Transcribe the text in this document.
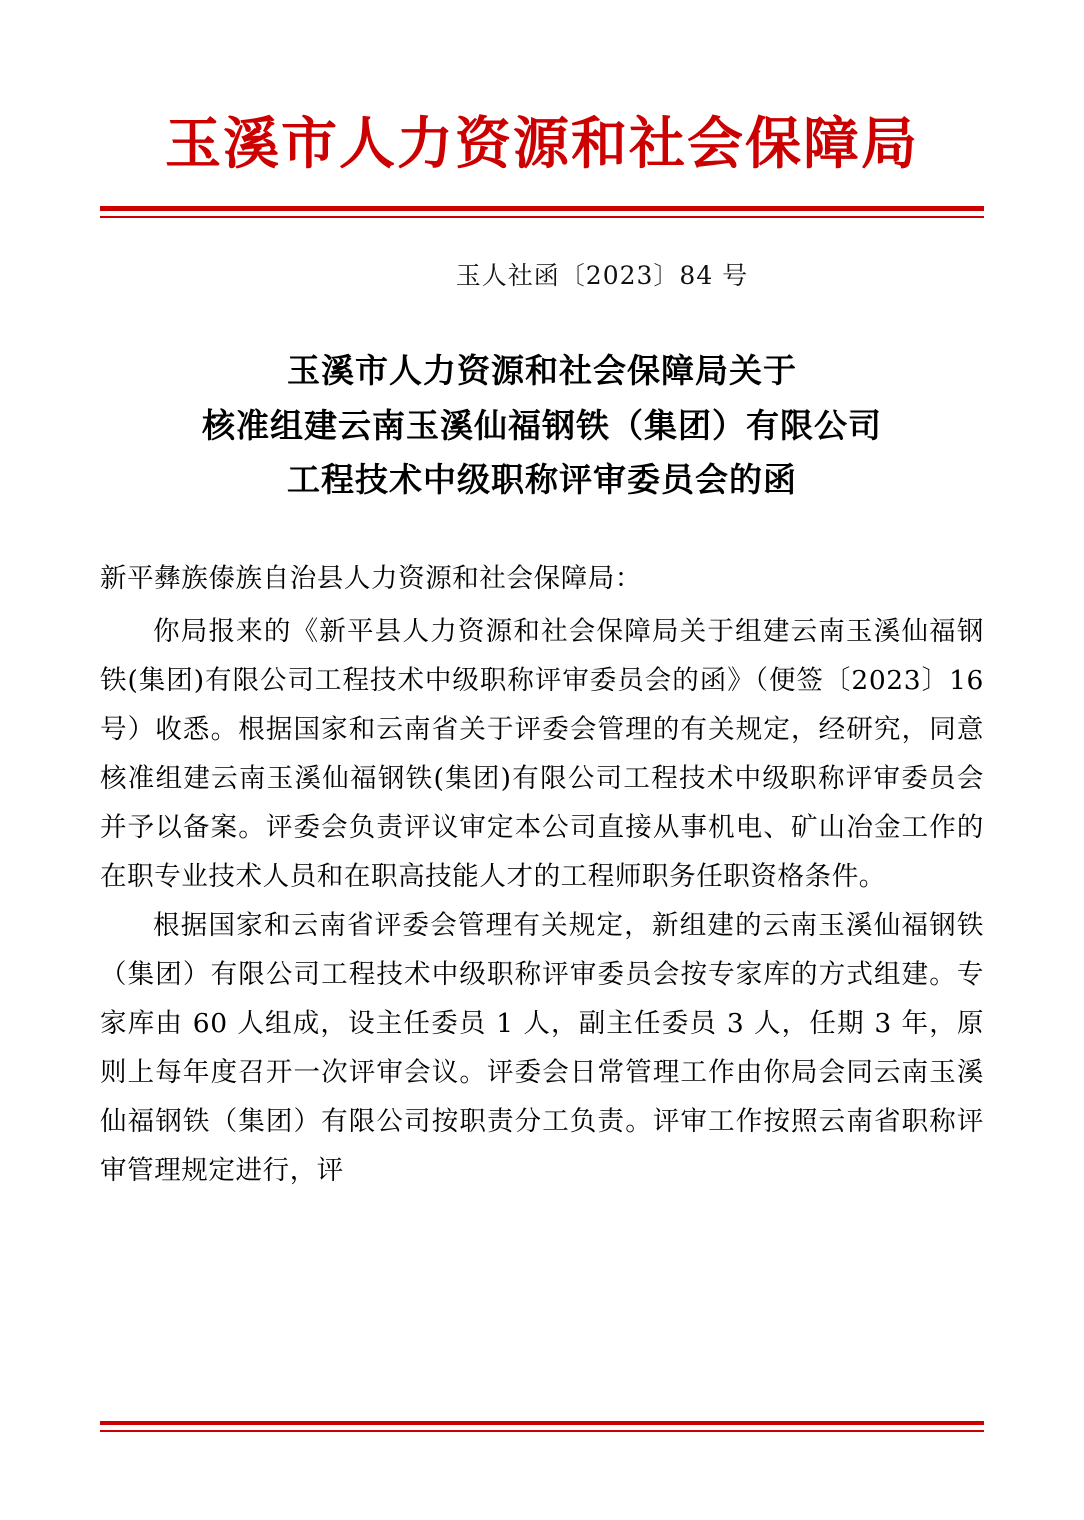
玉溪市人力资源和社会保障局
玉人社函〔2023〕84 号
玉溪市人力资源和社会保障局关于
核准组建云南玉溪仙福钢铁（集团）有限公司
工程技术中级职称评审委员会的函

新平彝族傣族自治县人力资源和社会保障局：

你局报来的《新平县人力资源和社会保障局关于组建云南玉溪仙福钢铁(集团)有限公司工程技术中级职称评审委员会的函》（便签〔2023〕16 号）收悉。根据国家和云南省关于评委会管理的有关规定，经研究，同意核准组建云南玉溪仙福钢铁(集团)有限公司工程技术中级职称评审委员会并予以备案。评委会负责评议审定本公司直接从事机电、矿山冶金工作的在职专业技术人员和在职高技能人才的工程师职务任职资格条件。

根据国家和云南省评委会管理有关规定，新组建的云南玉溪仙福钢铁（集团）有限公司工程技术中级职称评审委员会按专家库的方式组建。专家库由 60 人组成，设主任委员 1 人，副主任委员 3 人，任期 3 年，原则上每年度召开一次评审会议。评委会日常管理工作由你局会同云南玉溪仙福钢铁（集团）有限公司按职责分工负责。评审工作按照云南省职称评审管理规定进行，评
